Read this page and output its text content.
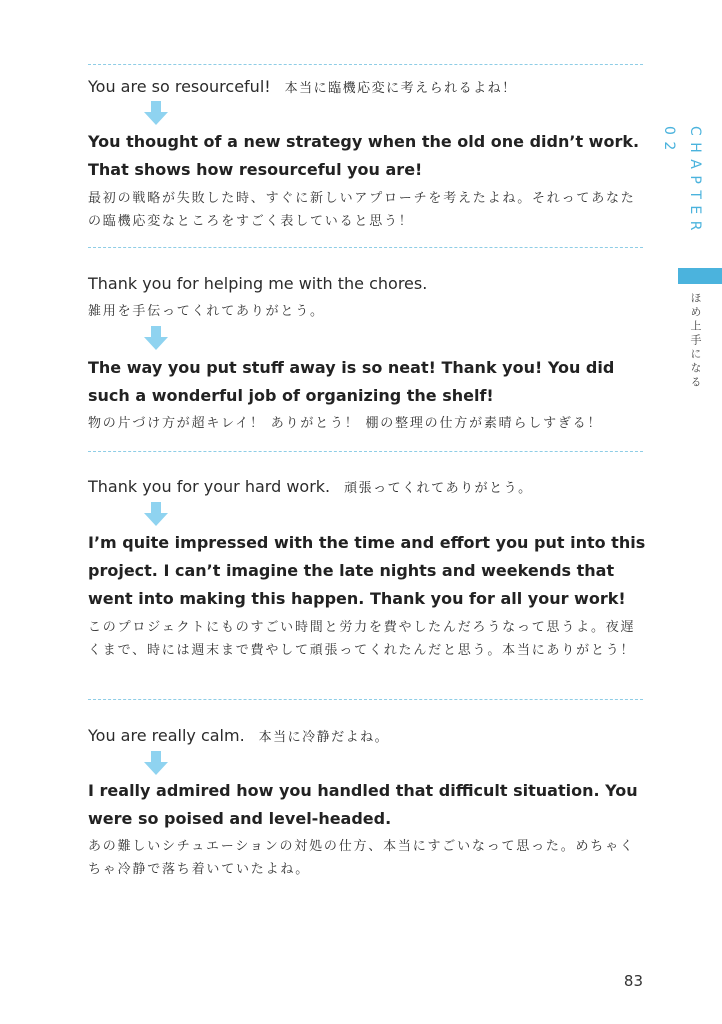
You are so resourceful! 本当に臨機応変に考えられるよね！
You thought of a new strategy when the old one didn’t work. That shows how resourceful you are!
最初の戦略が失敗した時、すぐに新しいアプローチを考えたよね。それってあなたの臨機応変なところをすごく表していると思う！
Thank you for helping me with the chores.
雑用を手伝ってくれてありがとう。
The way you put stuff away is so neat! Thank you! You did such a wonderful job of organizing the shelf!
物の片づけ方が超キレイ！ ありがとう！ 棚の整理の仕方が素晴らしすぎる！
Thank you for your hard work. 頑張ってくれてありがとう。
I’m quite impressed with the time and effort you put into this project. I can’t imagine the late nights and weekends that went into making this happen. Thank you for all your work!
このプロジェクトにものすごい時間と労力を費やしたんだろうなって思うよ。夜遅くまで、時には週末まで費やして頑張ってくれたんだと思う。本当にありがとう！
You are really calm. 本当に冷静だよね。
I really admired how you handled that difficult situation. You were so poised and level-headed.
あの難しいシチュエーションの対処の仕方、本当にすごいなって思った。めちゃくちゃ冷静で落ち着いていたよね。
CHAPTER 02
ほめ上手になる
83
